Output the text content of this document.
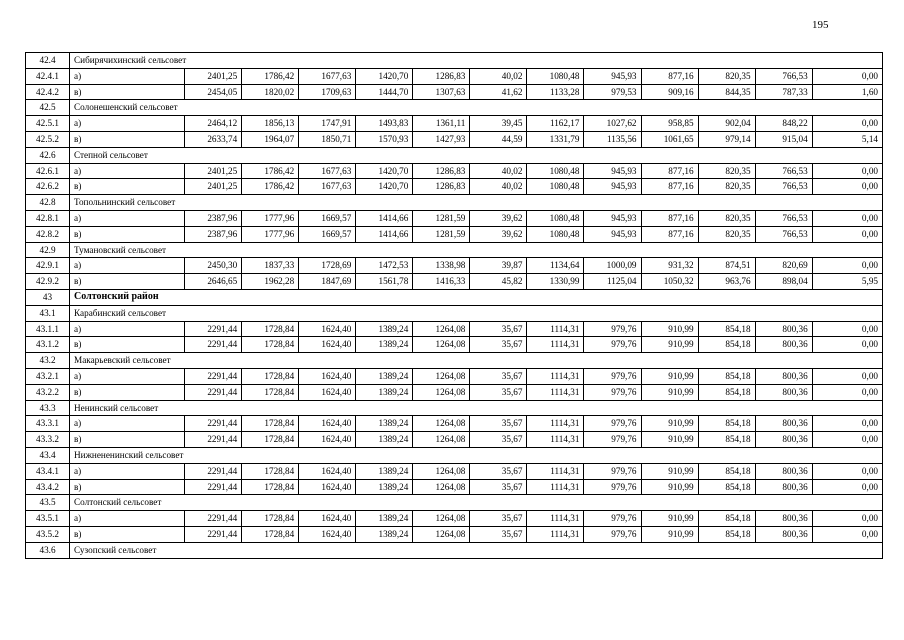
195
42.4	Сибирячихинский сельсовет												
42.4.1	а)	2401,25	1786,42	1677,63	1420,70	1286,83	40,02	1080,48	945,93	877,16	820,35	766,53	0,00
42.4.2	в)	2454,05	1820,02	1709,63	1444,70	1307,63	41,62	1133,28	979,53	909,16	844,35	787,33	1,60
42.5	Солонешенский сельсовет												
42.5.1	а)	2464,12	1856,13	1747,91	1493,83	1361,11	39,45	1162,17	1027,62	958,85	902,04	848,22	0,00
42.5.2	в)	2633,74	1964,07	1850,71	1570,93	1427,93	44,59	1331,79	1135,56	1061,65	979,14	915,04	5,14
42.6	Степной сельсовет												
42.6.1	а)	2401,25	1786,42	1677,63	1420,70	1286,83	40,02	1080,48	945,93	877,16	820,35	766,53	0,00
42.6.2	в)	2401,25	1786,42	1677,63	1420,70	1286,83	40,02	1080,48	945,93	877,16	820,35	766,53	0,00
42.8	Топольнинский сельсовет												
42.8.1	а)	2387,96	1777,96	1669,57	1414,66	1281,59	39,62	1080,48	945,93	877,16	820,35	766,53	0,00
42.8.2	в)	2387,96	1777,96	1669,57	1414,66	1281,59	39,62	1080,48	945,93	877,16	820,35	766,53	0,00
42.9	Тумановский сельсовет												
42.9.1	а)	2450,30	1837,33	1728,69	1472,53	1338,98	39,87	1134,64	1000,09	931,32	874,51	820,69	0,00
42.9.2	в)	2646,65	1962,28	1847,69	1561,78	1416,33	45,82	1330,99	1125,04	1050,32	963,76	898,04	5,95
43	Солтонский район												
43.1	Карабинский сельсовет												
43.1.1	а)	2291,44	1728,84	1624,40	1389,24	1264,08	35,67	1114,31	979,76	910,99	854,18	800,36	0,00
43.1.2	в)	2291,44	1728,84	1624,40	1389,24	1264,08	35,67	1114,31	979,76	910,99	854,18	800,36	0,00
43.2	Макарьевский сельсовет												
43.2.1	а)	2291,44	1728,84	1624,40	1389,24	1264,08	35,67	1114,31	979,76	910,99	854,18	800,36	0,00
43.2.2	в)	2291,44	1728,84	1624,40	1389,24	1264,08	35,67	1114,31	979,76	910,99	854,18	800,36	0,00
43.3	Ненинский сельсовет												
43.3.1	а)	2291,44	1728,84	1624,40	1389,24	1264,08	35,67	1114,31	979,76	910,99	854,18	800,36	0,00
43.3.2	в)	2291,44	1728,84	1624,40	1389,24	1264,08	35,67	1114,31	979,76	910,99	854,18	800,36	0,00
43.4	Нижнененинский сельсовет												
43.4.1	а)	2291,44	1728,84	1624,40	1389,24	1264,08	35,67	1114,31	979,76	910,99	854,18	800,36	0,00
43.4.2	в)	2291,44	1728,84	1624,40	1389,24	1264,08	35,67	1114,31	979,76	910,99	854,18	800,36	0,00
43.5	Солтонский сельсовет												
43.5.1	а)	2291,44	1728,84	1624,40	1389,24	1264,08	35,67	1114,31	979,76	910,99	854,18	800,36	0,00
43.5.2	в)	2291,44	1728,84	1624,40	1389,24	1264,08	35,67	1114,31	979,76	910,99	854,18	800,36	0,00
43.6	Сузопский сельсовет												
